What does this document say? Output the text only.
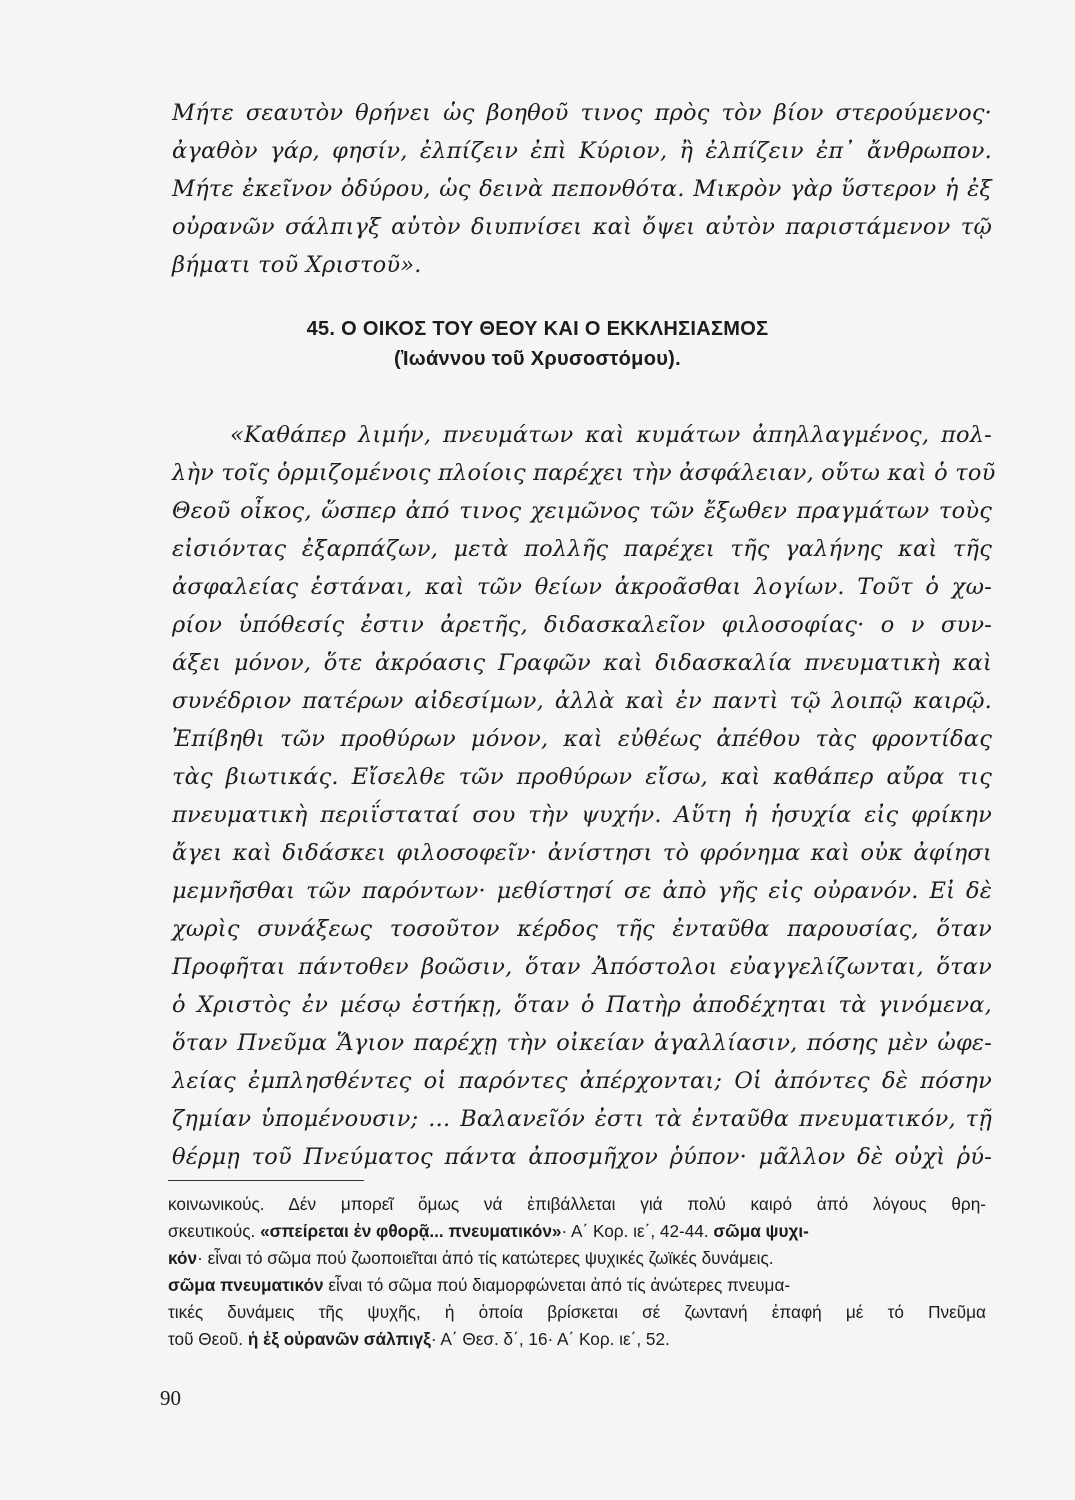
Μήτε σεαυτὸν θρήνει ὡς βοηθοῦ τινος πρὸς τὸν βίον στερούμενος·
ἀγαθὸν γάρ, φησίν, ἐλπίζειν ἐπὶ Κύριον, ἢ ἐλπίζειν ἐπ᾿ ἄνθρωπον.
Μήτε ἐκεῖνον ὀδύρου, ὡς δεινὰ πεπονθότα. Μικρὸν γὰρ ὕστερον ἡ ἐξ
οὐρανῶν σάλπιγξ αὐτὸν διυπνίσει καὶ ὄψει αὐτὸν παριστάμενον τῷ
βήματι τοῦ Χριστοῦ».
45. Ο ΟΙΚΟΣ ΤΟΥ ΘΕΟΥ ΚΑΙ Ο ΕΚΚΛΗΣΙΑΣΜΟΣ
(Ἰωάννου τοῦ Χρυσοστόμου).
«Καθάπερ λιμήν, πνευμάτων καὶ κυμάτων ἀπηλλαγμένος, πολ-
λὴν τοῖς ὁρμιζομένοις πλοίοις παρέχει τὴν ἀσφάλειαν, οὕτω καὶ ὁ τοῦ
Θεοῦ οἶκος, ὥσπερ ἀπό τινος χειμῶνος τῶν ἔξωθεν πραγμάτων τοὺς
εἰσιόντας ἐξαρπάζων, μετὰ πολλῆς παρέχει τῆς γαλήνης καὶ τῆς
ἀσφαλείας ἑστάναι, καὶ τῶν θείων ἀκροᾶσθαι λογίων. Τοῦτ ὁ χω-
ρίον ὑπόθεσίς ἐστιν ἀρετῆς, διδασκαλεῖον φιλοσοφίας· ο ν συν-
άξει μόνον, ὅτε ἀκρόασις Γραφῶν καὶ διδασκαλία πνευματικὴ καὶ
συνέδριον πατέρων αἰδεσίμων, ἀλλὰ καὶ ἐν παντὶ τῷ λοιπῷ καιρῷ.
Ἐπίβηθι τῶν προθύρων μόνον, καὶ εὐθέως ἀπέθου τὰς φροντίδας
τὰς βιωτικάς. Εἴσελθε τῶν προθύρων εἴσω, καὶ καθάπερ αὔρα τις
πνευματικὴ περιΐσταταί σου τὴν ψυχήν. Αὕτη ἡ ἡσυχία εἰς φρίκην
ἄγει καὶ διδάσκει φιλοσοφεῖν· ἀνίστησι τὸ φρόνημα καὶ οὐκ ἀφίησι
μεμνῆσθαι τῶν παρόντων· μεθίστησί σε ἀπὸ γῆς εἰς οὐρανόν. Εἰ δὲ
χωρὶς συνάξεως τοσοῦτον κέρδος τῆς ἐνταῦθα παρουσίας, ὅταν
Προφῆται πάντοθεν βοῶσιν, ὅταν Ἀπόστολοι εὐαγγελίζωνται, ὅταν
ὁ Χριστὸς ἐν μέσῳ ἑστήκῃ, ὅταν ὁ Πατὴρ ἀποδέχηται τὰ γινόμενα,
ὅταν Πνεῦμα Ἅγιον παρέχῃ τὴν οἰκείαν ἀγαλλίασιν, πόσης μὲν ὠφε-
λείας ἐμπλησθέντες οἱ παρόντες ἀπέρχονται; Οἱ ἀπόντες δὲ πόσην
ζημίαν ὑπομένουσιν; ... Βαλανεῖόν ἐστι τὰ ἐνταῦθα πνευματικόν, τῇ
θέρμῃ τοῦ Πνεύματος πάντα ἀποσμῆχον ῥύπον· μᾶλλον δὲ οὐχὶ ῥύ-
κοινωνικούς. Δέν μπορεῖ ὅμως νά ἐπιβάλλεται γιά πολύ καιρό ἀπό λόγους θρη-
σκευτικούς. «σπείρεται ἐν φθορᾷ... πνευματικόν»· Α΄ Κορ. ιε΄, 42-44. σῶμα ψυχι-
κόν· εἶναι τό σῶμα πού ζωοποιεῖται ἀπό τίς κατώτερες ψυχικές ζωϊκές δυνάμεις.
σῶμα πνευματικόν εἶναι τό σῶμα πού διαμορφώνεται ἀπό τίς ἀνώτερες πνευμα-
τικές δυνάμεις τῆς ψυχῆς, ἡ ὁποία βρίσκεται σέ ζωντανή ἐπαφή μέ τό Πνεῦμα
τοῦ Θεοῦ. ἡ ἐξ οὐρανῶν σάλπιγξ· Α΄ Θεσ. δ΄, 16· Α΄ Κορ. ιε΄, 52.
90
